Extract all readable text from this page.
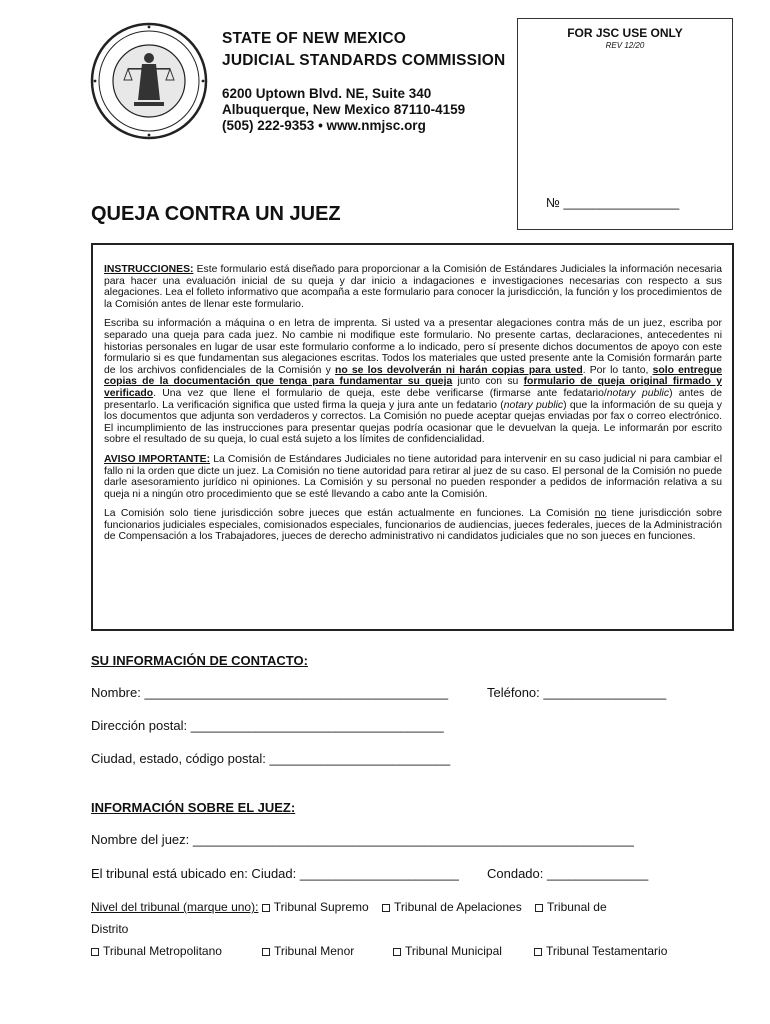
STATE OF NEW MEXICO
JUDICIAL STANDARDS COMMISSION
6200 Uptown Blvd. NE, Suite 340
Albuquerque, New Mexico 87110-4159
(505) 222-9353 • www.nmjsc.org
FOR JSC USE ONLY
REV 12/20
№ ________________
QUEJA CONTRA UN JUEZ

INSTRUCCIONES: Este formulario está diseñado para proporcionar a la Comisión de Estándares Judiciales la información necesaria para hacer una evaluación inicial de su queja y dar inicio a indagaciones e investigaciones necesarias con respecto a sus alegaciones. Lea el folleto informativo que acompaña a este formulario para conocer la jurisdicción, la función y los procedimientos de la Comisión antes de llenar este formulario.

Escriba su información a máquina o en letra de imprenta. Si usted va a presentar alegaciones contra más de un juez, escriba por separado una queja para cada juez. No cambie ni modifique este formulario. No presente cartas, declaraciones, antecedentes ni historias personales en lugar de usar este formulario conforme a lo indicado, pero sí presente dichos documentos de apoyo con este formulario si es que fundamentan sus alegaciones escritas. Todos los materiales que usted presente ante la Comisión formarán parte de los archivos confidenciales de la Comisión y no se los devolverán ni harán copias para usted. Por lo tanto, solo entregue copias de la documentación que tenga para fundamentar su queja junto con su formulario de queja original firmado y verificado. Una vez que llene el formulario de queja, este debe verificarse (firmarse ante fedatario/notary public) antes de presentarlo. La verificación significa que usted firma la queja y jura ante un fedatario (notary public) que la información de su queja y los documentos que adjunta son verdaderos y correctos. La Comisión no puede aceptar quejas enviadas por fax o correo electrónico. El incumplimiento de las instrucciones para presentar quejas podría ocasionar que le devuelvan la queja. Le informarán por escrito sobre el resultado de su queja, lo cual está sujeto a los límites de confidencialidad.

AVISO IMPORTANTE: La Comisión de Estándares Judiciales no tiene autoridad para intervenir en su caso judicial ni para cambiar el fallo ni la orden que dicte un juez. La Comisión no tiene autoridad para retirar al juez de su caso. El personal de la Comisión no puede darle asesoramiento jurídico ni opiniones. La Comisión y su personal no pueden responder a pedidos de información relativa a su queja ni a ningún otro procedimiento que se esté llevando a cabo ante la Comisión.

La Comisión solo tiene jurisdicción sobre jueces que están actualmente en funciones. La Comisión no tiene jurisdicción sobre funcionarios judiciales especiales, comisionados especiales, funcionarios de audiencias, jueces federales, jueces de la Administración de Compensación a los Trabajadores, jueces de derecho administrativo ni candidatos judiciales que no son jueces en funciones.

SU INFORMACIÓN DE CONTACTO:
Nombre: __________________________________________	Teléfono: _________________
Dirección postal: ___________________________________
Ciudad, estado, código postal: _________________________
INFORMACIÓN SOBRE EL JUEZ:
Nombre del juez: _____________________________________________________________
El tribunal está ubicado en: Ciudad: ______________________ Condado: ______________
Nivel del tribunal (marque uno): Tribunal Supremo Tribunal de Apelaciones Tribunal de
Distrito
Tribunal Metropolitano	Tribunal Menor	Tribunal Municipal	Tribunal Testamentario
